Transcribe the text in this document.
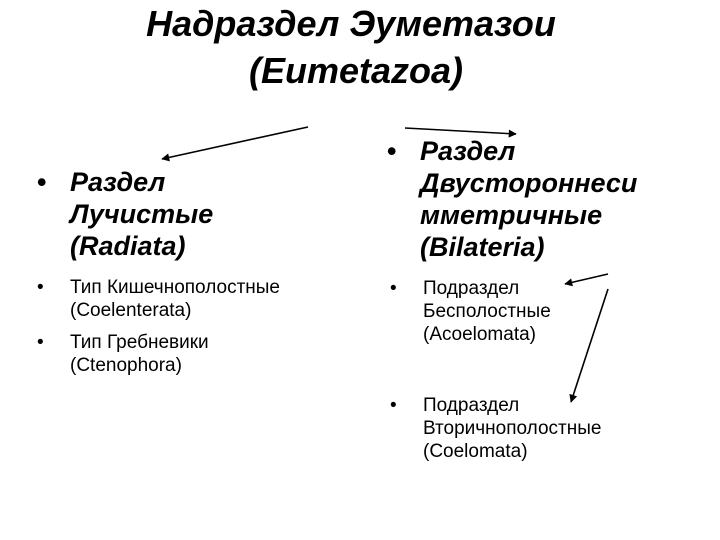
Надраздел Эуметазои
(Eumetazoa)
• Раздел
Лучистые
(Radiata)
•	Тип Кишечнополостные
(Coelenterata)
•	Тип Гребневики
(Ctenophora)
• Раздел
Двустороннеси
мметричные
(Bilateria)
•	Подраздел
Бесполостные
(Acoelomata)
•	Подраздел
Вторичнополостные
(Coelomata)
